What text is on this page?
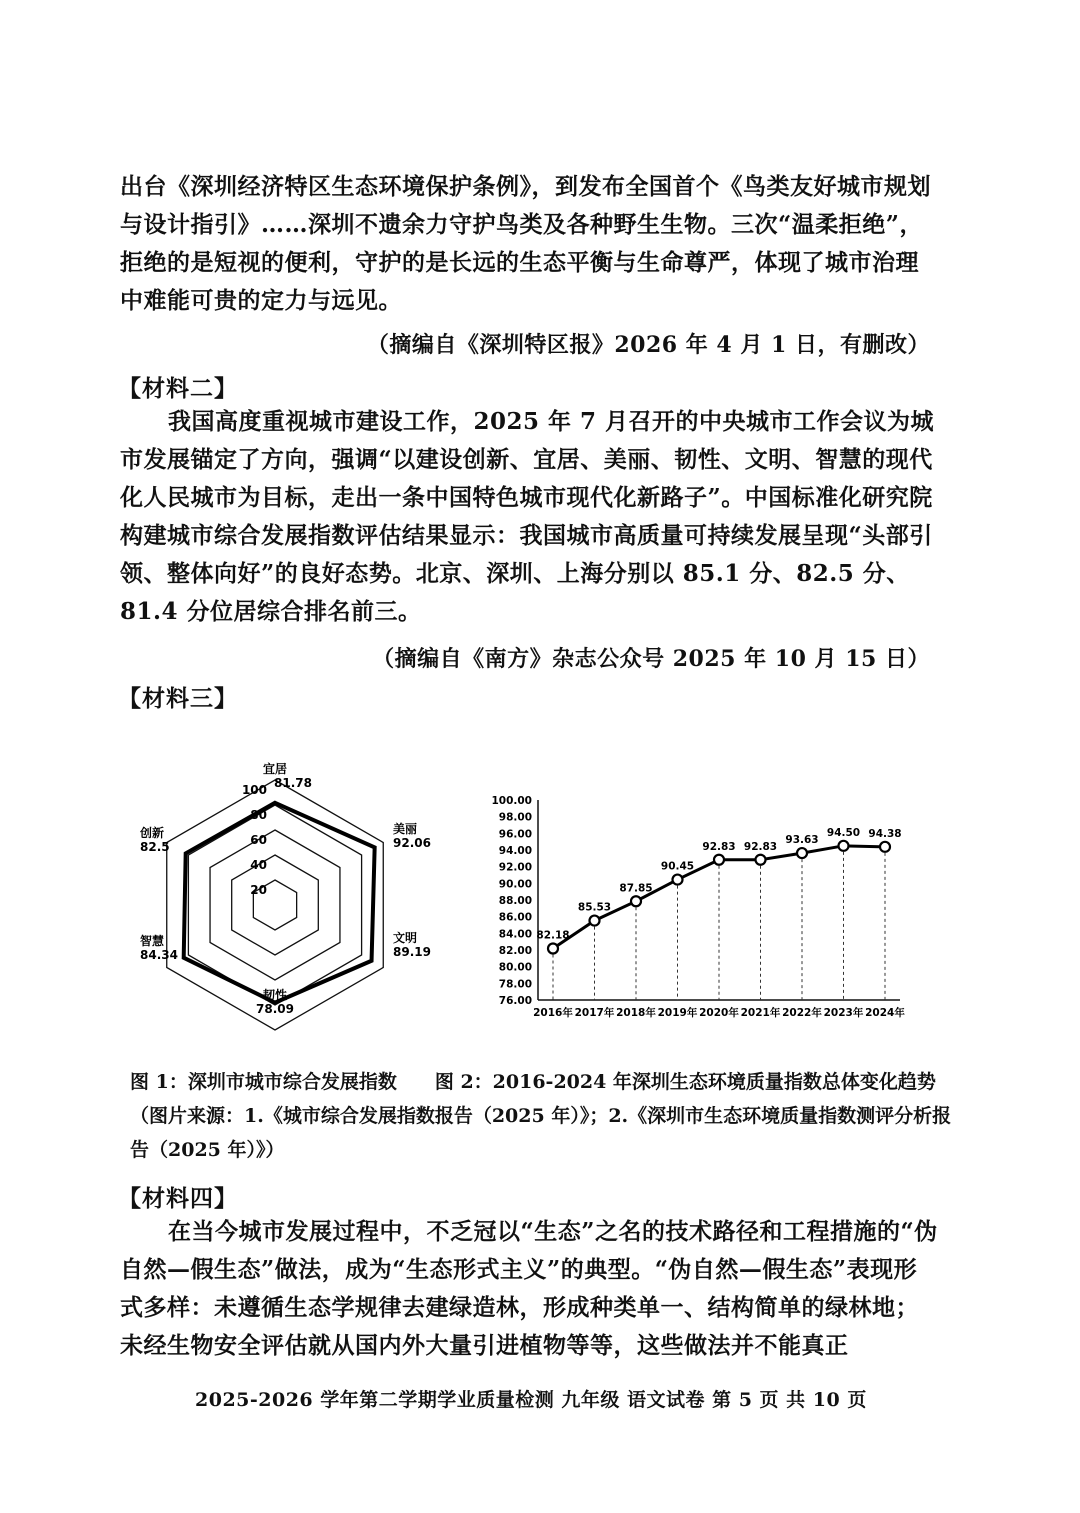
出台《深圳经济特区生态环境保护条例》，到发布全国首个《鸟类友好城市规划与设计指引》……深圳不遗余力守护鸟类及各种野生生物。三次“温柔拒绝”，拒绝的是短视的便利，守护的是长远的生态平衡与生命尊严，体现了城市治理中难能可贵的定力与远见。
（摘编自《深圳特区报》2026 年 4 月 1 日，有删改）
【材料二】
我国高度重视城市建设工作，2025 年 7 月召开的中央城市工作会议为城市发展锚定了方向，强调“以建设创新、宜居、美丽、韧性、文明、智慧的现代化人民城市为目标，走出一条中国特色城市现代化新路子”。中国标准化研究院构建城市综合发展指数评估结果显示：我国城市高质量可持续发展呈现“头部引领、整体向好”的良好态势。北京、深圳、上海分别以 85.1 分、82.5 分、81.4 分位居综合排名前三。
（摘编自《南方》杂志公众号 2025 年 10 月 15 日）
【材料三】
20
40
60
80
100
宜居
81.78
美丽
92.06
文明
89.19
韧性
78.09
智慧
84.34
创新
82.5
100.00
98.00
96.00
94.00
92.00
90.00
88.00
86.00
84.00
82.00
80.00
78.00
76.00
82.18
2016年
85.53
2017年
87.85
2018年
90.45
2019年
92.83
2020年
92.83
2021年
93.63
2022年
94.50
2023年
94.38
2024年
图 1：深圳市城市综合发展指数　　图 2：2016-2024 年深圳生态环境质量指数总体变化趋势
（图片来源：1.《城市综合发展指数报告（2025 年）》；2.《深圳市生态环境质量指数测评分析报告（2025 年）》）
【材料四】
在当今城市发展过程中，不乏冠以“生态”之名的技术路径和工程措施的“伪自然—假生态”做法，成为“生态形式主义”的典型。“伪自然—假生态”表现形式多样：未遵循生态学规律去建绿造林，形成种类单一、结构简单的绿林地；未经生物安全评估就从国内外大量引进植物等等，这些做法并不能真正
2025-2026 学年第二学期学业质量检测 九年级 语文试卷 第 5 页 共 10 页
